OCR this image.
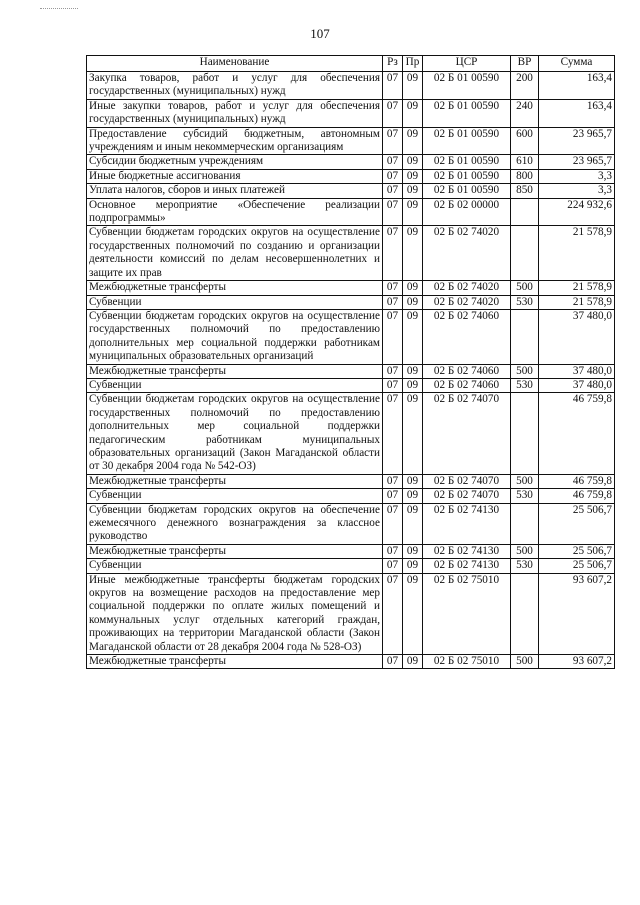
107
Наименование	Рз	Пр	ЦСР	ВР	Сумма
Закупка товаров, работ и услуг для обеспечения государственных (муниципальных) нужд	07	09	02 Б 01 00590	200	163,4
Иные закупки товаров, работ и услуг для обеспечения государственных (муниципальных) нужд	07	09	02 Б 01 00590	240	163,4
Предоставление субсидий бюджетным, автономным учреждениям и иным некоммерческим организациям	07	09	02 Б 01 00590	600	23 965,7
Субсидии бюджетным учреждениям	07	09	02 Б 01 00590	610	23 965,7
Иные бюджетные ассигнования	07	09	02 Б 01 00590	800	3,3
Уплата налогов, сборов и иных платежей	07	09	02 Б 01 00590	850	3,3
Основное мероприятие «Обеспечение реализации подпрограммы»	07	09	02 Б 02 00000		224 932,6
Субвенции бюджетам городских округов на осуществление государственных полномочий по созданию и организации деятельности комиссий по делам несовершеннолетних и защите их прав	07	09	02 Б 02 74020		21 578,9
Межбюджетные трансферты	07	09	02 Б 02 74020	500	21 578,9
Субвенции	07	09	02 Б 02 74020	530	21 578,9
Субвенции бюджетам городских округов на осуществление государственных полномочий по предоставлению дополнительных мер социальной поддержки работникам муниципальных образовательных организаций	07	09	02 Б 02 74060		37 480,0
Межбюджетные трансферты	07	09	02 Б 02 74060	500	37 480,0
Субвенции	07	09	02 Б 02 74060	530	37 480,0
Субвенции бюджетам городских округов на осуществление государственных полномочий по предоставлению дополнительных мер социальной поддержки педагогическим работникам муниципальных образовательных организаций (Закон Магаданской области от 30 декабря 2004 года № 542-ОЗ)	07	09	02 Б 02 74070		46 759,8
Межбюджетные трансферты	07	09	02 Б 02 74070	500	46 759,8
Субвенции	07	09	02 Б 02 74070	530	46 759,8
Субвенции бюджетам городских округов на обеспечение ежемесячного денежного вознаграждения за классное руководство	07	09	02 Б 02 74130		25 506,7
Межбюджетные трансферты	07	09	02 Б 02 74130	500	25 506,7
Субвенции	07	09	02 Б 02 74130	530	25 506,7
Иные межбюджетные трансферты бюджетам городских округов на возмещение расходов на предоставление мер социальной поддержки по оплате жилых помещений и коммунальных услуг отдельных категорий граждан, проживающих на территории Магаданской области (Закон Магаданской области от 28 декабря 2004 года № 528-ОЗ)	07	09	02 Б 02 75010		93 607,2
Межбюджетные трансферты	07	09	02 Б 02 75010	500	93 607,2
